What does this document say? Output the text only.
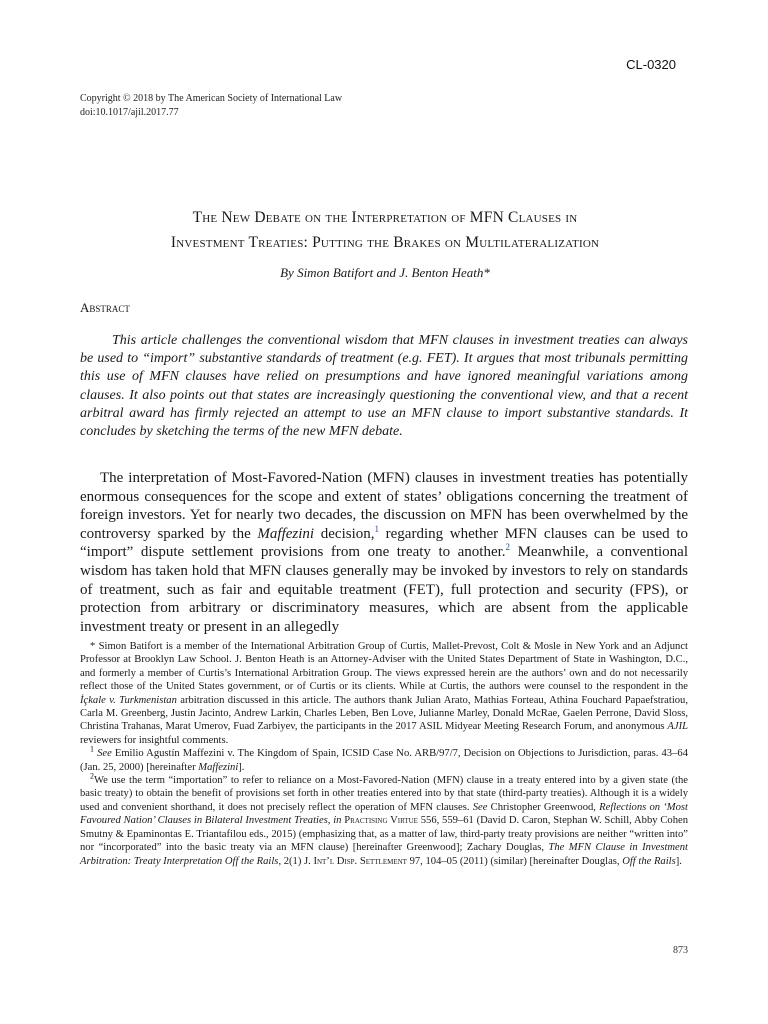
CL-0320
Copyright © 2018 by The American Society of International Law
doi:10.1017/ajil.2017.77
The New Debate on the Interpretation of MFN Clauses in
Investment Treaties: Putting the Brakes on Multilateralization
By Simon Batifort and J. Benton Heath*
Abstract

This article challenges the conventional wisdom that MFN clauses in investment treaties can always be used to “import” substantive standards of treatment (e.g. FET). It argues that most tribunals permitting this use of MFN clauses have relied on presumptions and have ignored meaningful variations among clauses. It also points out that states are increasingly questioning the conventional view, and that a recent arbitral award has firmly rejected an attempt to use an MFN clause to import substantive standards. It concludes by sketching the terms of the new MFN debate.

The interpretation of Most-Favored-Nation (MFN) clauses in investment treaties has potentially enormous consequences for the scope and extent of states’ obligations concerning the treatment of foreign investors. Yet for nearly two decades, the discussion on MFN has been overwhelmed by the controversy sparked by the Maffezini decision,$^1$ regarding whether MFN clauses can be used to “import” dispute settlement provisions from one treaty to another.$^2$ Meanwhile, a conventional wisdom has taken hold that MFN clauses generally may be invoked by investors to rely on standards of treatment, such as fair and equitable treatment (FET), full protection and security (FPS), or protection from arbitrary or discriminatory measures, which are absent from the applicable investment treaty or present in an allegedly

* Simon Batifort is a member of the International Arbitration Group of Curtis, Mallet-Prevost, Colt & Mosle in New York and an Adjunct Professor at Brooklyn Law School. J. Benton Heath is an Attorney-Adviser with the United States Department of State in Washington, D.C., and formerly a member of Curtis’s International Arbitration Group. The views expressed herein are the authors’ own and do not necessarily reflect those of the United States government, or of Curtis or its clients. While at Curtis, the authors were counsel to the respondent in the İçkale v. Turkmenistan arbitration discussed in this article. The authors thank Julian Arato, Mathias Forteau, Athina Fouchard Papaefstratiou, Carla M. Greenberg, Justin Jacinto, Andrew Larkin, Charles Leben, Ben Love, Julianne Marley, Donald McRae, Gaelen Perrone, David Sloss, Christina Trahanas, Marat Umerov, Fuad Zarbiyev, the participants in the 2017 ASIL Midyear Meeting Research Forum, and anonymous AJIL reviewers for insightful comments.

$^1$ See Emilio Agustín Maffezini v. The Kingdom of Spain, ICSID Case No. ARB/97/7, Decision on Objections to Jurisdiction, paras. 43–64 (Jan. 25, 2000) [hereinafter Maffezini].

$^2$We use the term “importation” to refer to reliance on a Most-Favored-Nation (MFN) clause in a treaty entered into by a given state (the basic treaty) to obtain the benefit of provisions set forth in other treaties entered into by that state (third-party treaties). Although it is a widely used and convenient shorthand, it does not precisely reflect the operation of MFN clauses. See Christopher Greenwood, Reflections on ‘Most Favoured Nation’ Clauses in Bilateral Investment Treaties, in Practising Virtue 556, 559–61 (David D. Caron, Stephan W. Schill, Abby Cohen Smutny & Epaminontas E. Triantafilou eds., 2015) (emphasizing that, as a matter of law, third-party treaty provisions are neither “written into” nor “incorporated” into the basic treaty via an MFN clause) [hereinafter Greenwood]; Zachary Douglas, The MFN Clause in Investment Arbitration: Treaty Interpretation Off the Rails, 2(1) J. Int’l Disp. Settlement 97, 104–05 (2011) (similar) [hereinafter Douglas, Off the Rails].

873
